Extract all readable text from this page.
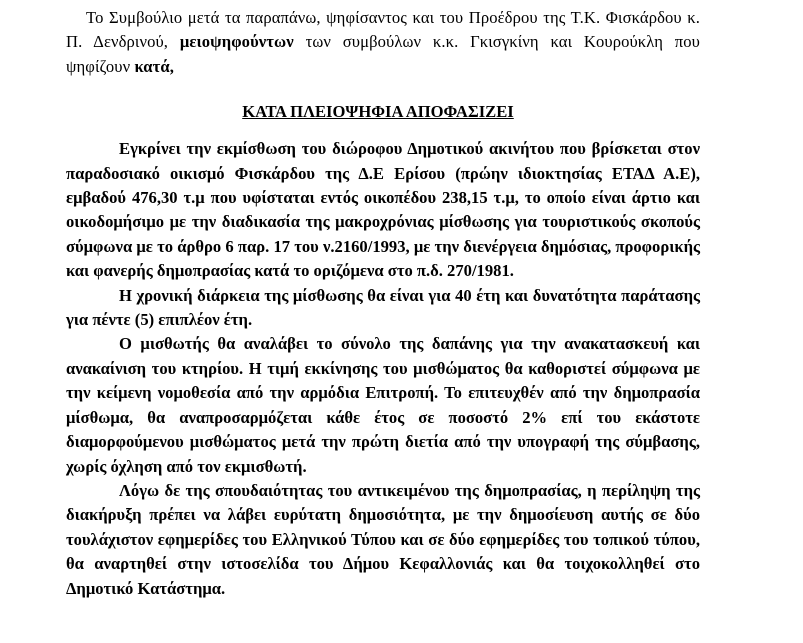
Το Συμβούλιο μετά τα παραπάνω, ψηφίσαντος και του Προέδρου της Τ.Κ. Φισκάρδου κ. Π. Δενδρινού, μειοψηφούντων των συμβούλων κ.κ. Γκισγκίνη και Κουρούκλη που ψηφίζουν κατά,

ΚΑΤΑ ΠΛΕΙΟΨΗΦΙΑ ΑΠΟΦΑΣΙΖΕΙ

Εγκρίνει την εκμίσθωση του διώροφου Δημοτικού ακινήτου που βρίσκεται στον παραδοσιακό οικισμό Φισκάρδου της Δ.Ε Ερίσου (πρώην ιδιοκτησίας ΕΤΑΔ Α.Ε), εμβαδού 476,30 τ.μ που υφίσταται εντός οικοπέδου 238,15 τ.μ, το οποίο είναι άρτιο και οικοδομήσιμο με την διαδικασία της μακροχρόνιας μίσθωσης για τουριστικούς σκοπούς σύμφωνα με το άρθρο 6 παρ. 17 του ν.2160/1993, με την διενέργεια δημόσιας, προφορικής και φανερής δημοπρασίας κατά το οριζόμενα στο π.δ. 270/1981.

Η χρονική διάρκεια της μίσθωσης θα είναι για 40 έτη και δυνατότητα παράτασης για πέντε (5) επιπλέον έτη.

Ο μισθωτής θα αναλάβει το σύνολο της δαπάνης για την ανακατασκευή και ανακαίνιση του κτηρίου. Η τιμή εκκίνησης του μισθώματος θα καθοριστεί σύμφωνα με την κείμενη νομοθεσία από την αρμόδια Επιτροπή. Το επιτευχθέν από την δημοπρασία μίσθωμα, θα αναπροσαρμόζεται κάθε έτος σε ποσοστό 2% επί του εκάστοτε διαμορφούμενου μισθώματος μετά την πρώτη διετία από την υπογραφή της σύμβασης, χωρίς όχληση από τον εκμισθωτή.

Λόγω δε της σπουδαιότητας του αντικειμένου της δημοπρασίας, η περίληψη της διακήρυξη πρέπει να λάβει ευρύτατη δημοσιότητα, με την δημοσίευση αυτής σε δύο τουλάχιστον εφημερίδες του Ελληνικού Τύπου και σε δύο εφημερίδες του τοπικού τύπου, θα αναρτηθεί στην ιστοσελίδα του Δήμου Κεφαλλονιάς και θα τοιχοκολληθεί στο Δημοτικό Κατάστημα.
